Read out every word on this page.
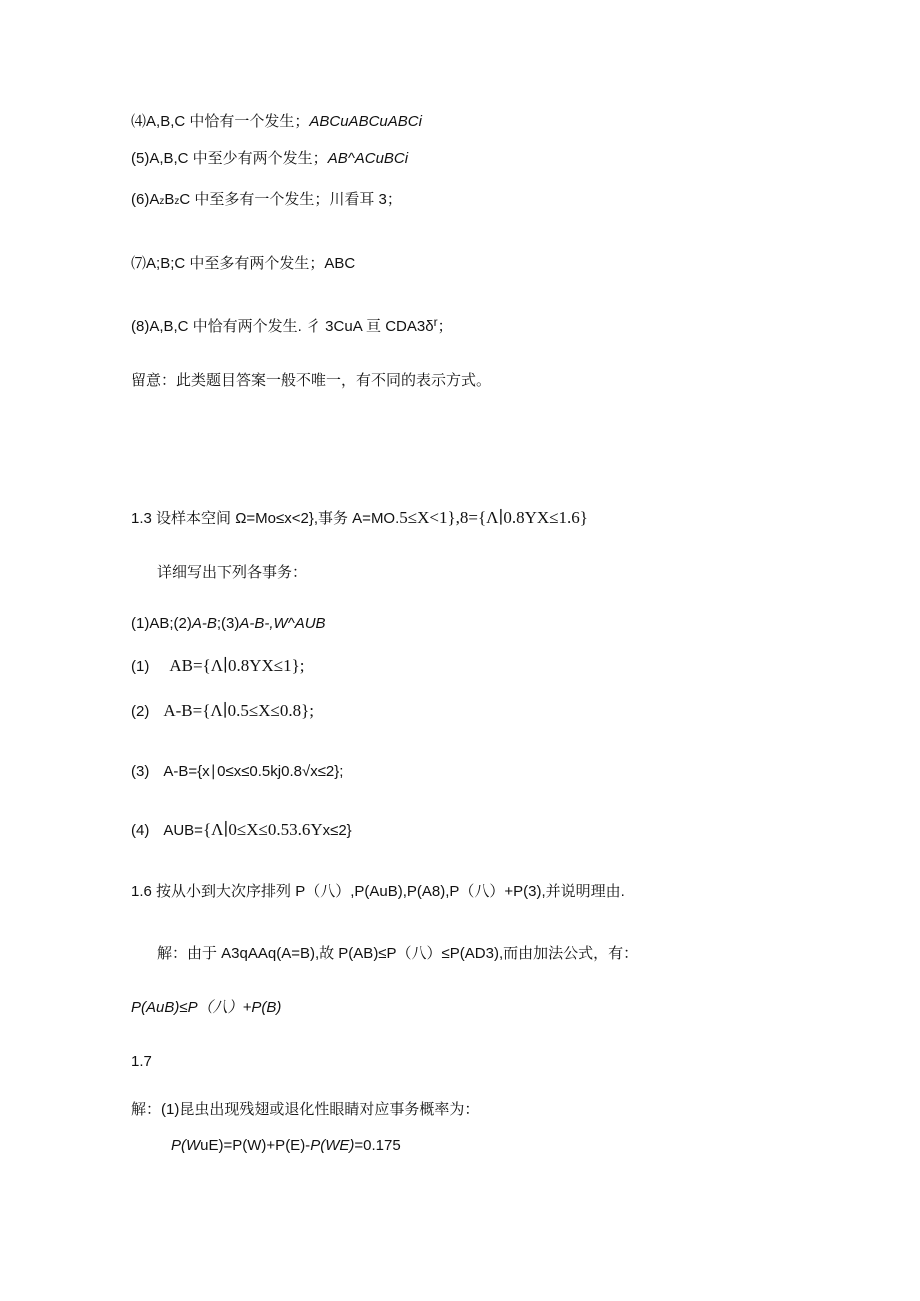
⑷A,B,C 中恰有一个发生；ABCuABCuABCi
(5)A,B,C 中至少有两个发生；AB^ACuBCi
(6)AzBzC 中至多有一个发生；川看耳 3；
⑺A;B;C 中至多有两个发生；ABC
(8)A,B,C 中恰有两个发生. 彳 3CuA 亘 $CDA3\delta^r$；
留意：此类题目答案一般不唯一，有不同的表示方式。
1.3 设样本空间 Ω=Mo≤x<2},事务 A=MO.5≤X<1},8={Λ∣0.8YX≤1.6}
详细写出下列各事务：
(1)AB;(2)A-B;(3)A-B-,W^AUB
(1) AB={Λ∣0.8YX≤1};
(2) A-B={Λ∣0.5≤X≤0.8};
(3) A-B={x∣0≤x≤0.5kj0.8√x≤2};
(4) AUB={Λ∣0≤X≤0.53.6Yx≤2}
1.6 按从小到大次序排列 P（八）,P(AuB),P(A8),P（八）+P(3),并说明理由.
解：由于 A3qAAq(A=B),故 P(AB)≤P（八）≤P(AD3),而由加法公式，有：
P(AuB)≤P（八）+P(B)
1.7
解：(1)昆虫出现残翅或退化性眼睛对应事务概率为：
P(WuE)=P(W)+P(E)-P(WE)=0.175
